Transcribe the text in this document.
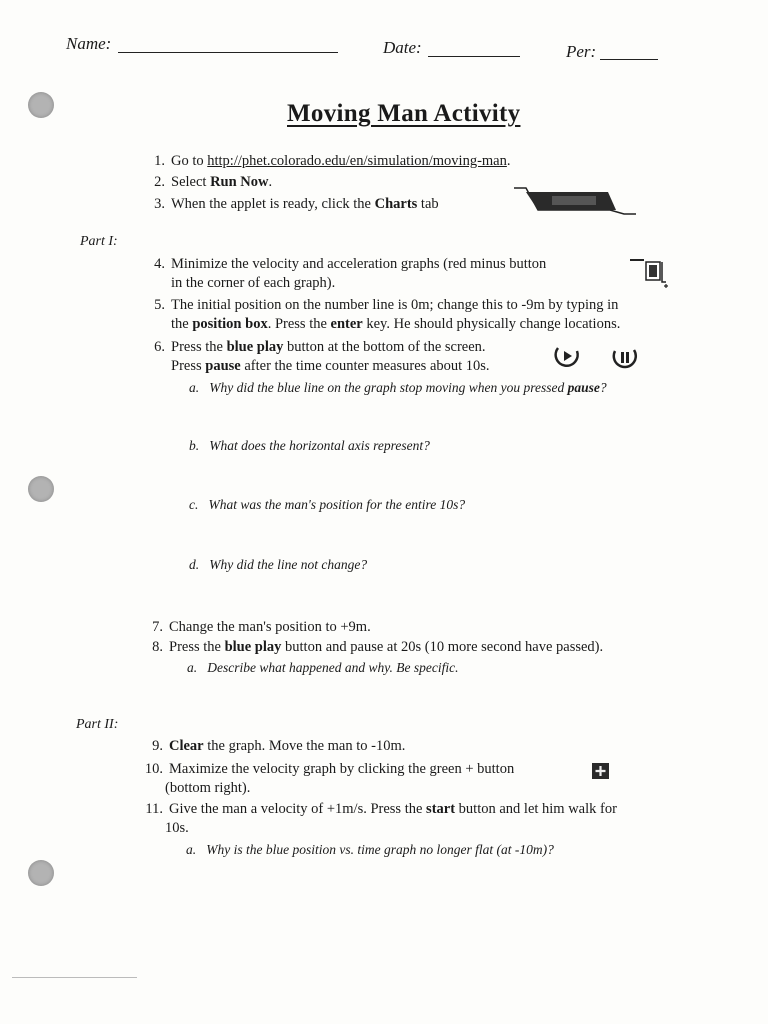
Name:	Date:	Per:
Moving Man Activity
1. Go to http://phet.colorado.edu/en/simulation/moving-man.
2. Select Run Now.
3. When the applet is ready, click the Charts tab
Part I:
4. Minimize the velocity and acceleration graphs (red minus button
in the corner of each graph).
5. The initial position on the number line is 0m; change this to -9m by typing in
the position box. Press the enter key. He should physically change locations.
6. Press the blue play button at the bottom of the screen.
Press pause after the time counter measures about 10s.
a. Why did the blue line on the graph stop moving when you pressed pause?
b. What does the horizontal axis represent?
c. What was the man's position for the entire 10s?
d. Why did the line not change?
7. Change the man's position to +9m.
8. Press the blue play button and pause at 20s (10 more second have passed).
a. Describe what happened and why. Be specific.
Part II:
9. Clear the graph. Move the man to -10m.
10. Maximize the velocity graph by clicking the green + button
(bottom right).
11. Give the man a velocity of +1m/s. Press the start button and let him walk for
10s.
a. Why is the blue position vs. time graph no longer flat (at -10m)?
